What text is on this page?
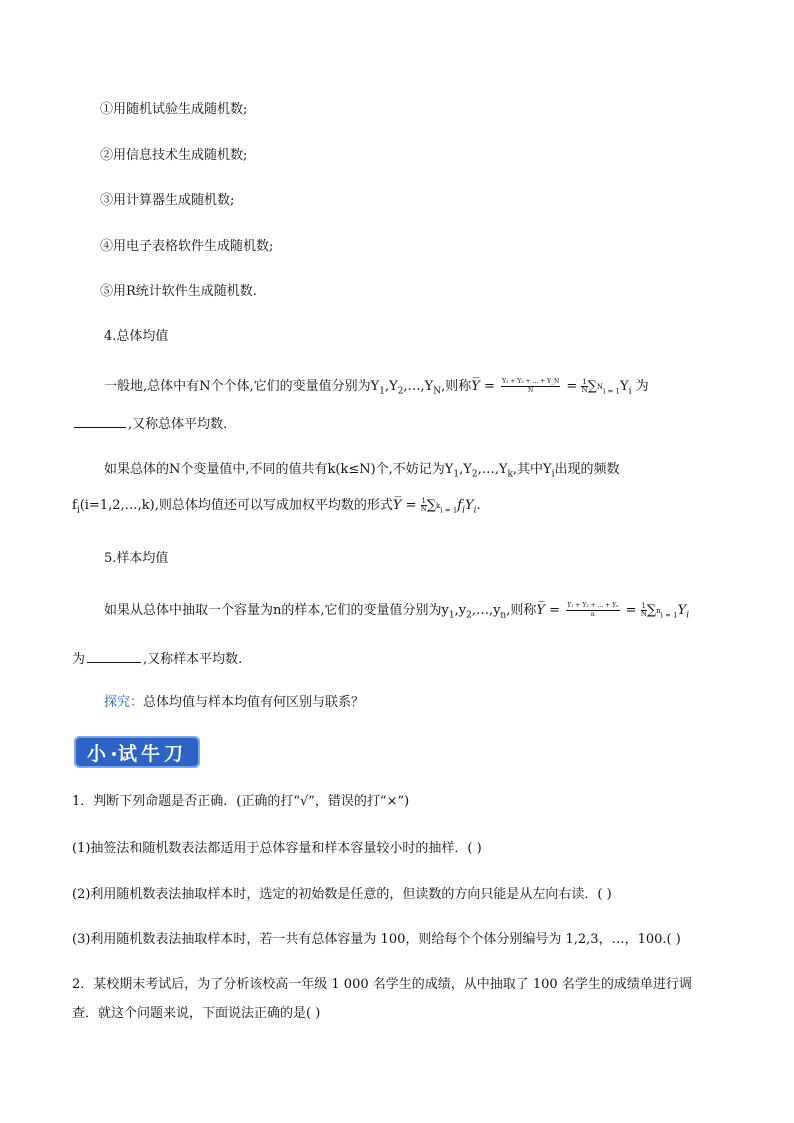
①用随机试验生成随机数;
②用信息技术生成随机数;
③用计算器生成随机数;
④用电子表格软件生成随机数;
⑤用R统计软件生成随机数.
4.总体均值
一般地,总体中有N个个体,它们的变量值分别为$Y_1,Y_2,\dots,Y_N$,则称Y̅ = $\frac{\text{Y₁ + Y₂ + ... + Y\_N}}{N} = \frac{1}{N} \sum^Ni = 1Y_i$ 为
,又称总体平均数.
如果总体的N个变量值中,不同的值共有k(k≤N)个,不妨记为$Y_1,Y_2,\dots,Y_k$,其中$Y_i$出现的频数
$f_i(i=1,2,\dots,k)$,则总体均值还可以写成加权平均数的形式Y̅ = $\frac{1}{N} \sum^ki = 1f_iY_i$.
5.样本均值
如果从总体中抽取一个容量为n的样本,它们的变量值分别为$y_1,y_2,\dots,y_n$,则称Y̅ = $\frac{\text{Y₁ + Y₂ + ... + Yₙ}}{n} = \frac{1}{N} \sum^ni = 1Y_i$
为	,又称样本平均数.
探究：总体均值与样本均值有何区别与联系？
小 试牛刀
1．判断下列命题是否正确．(正确的打“√”，错误的打“×”)
(1)抽签法和随机数表法都适用于总体容量和样本容量较小时的抽样．( )
(2)利用随机数表法抽取样本时，选定的初始数是任意的，但读数的方向只能是从左向右读．( )
(3)利用随机数表法抽取样本时，若一共有总体容量为 100，则给每个个体分别编号为 1,2,3，…，100.( )
2．某校期末考试后，为了分析该校高一年级 1 000 名学生的成绩，从中抽取了 100 名学生的成绩单进行调
查．就这个问题来说，下面说法正确的是( )
